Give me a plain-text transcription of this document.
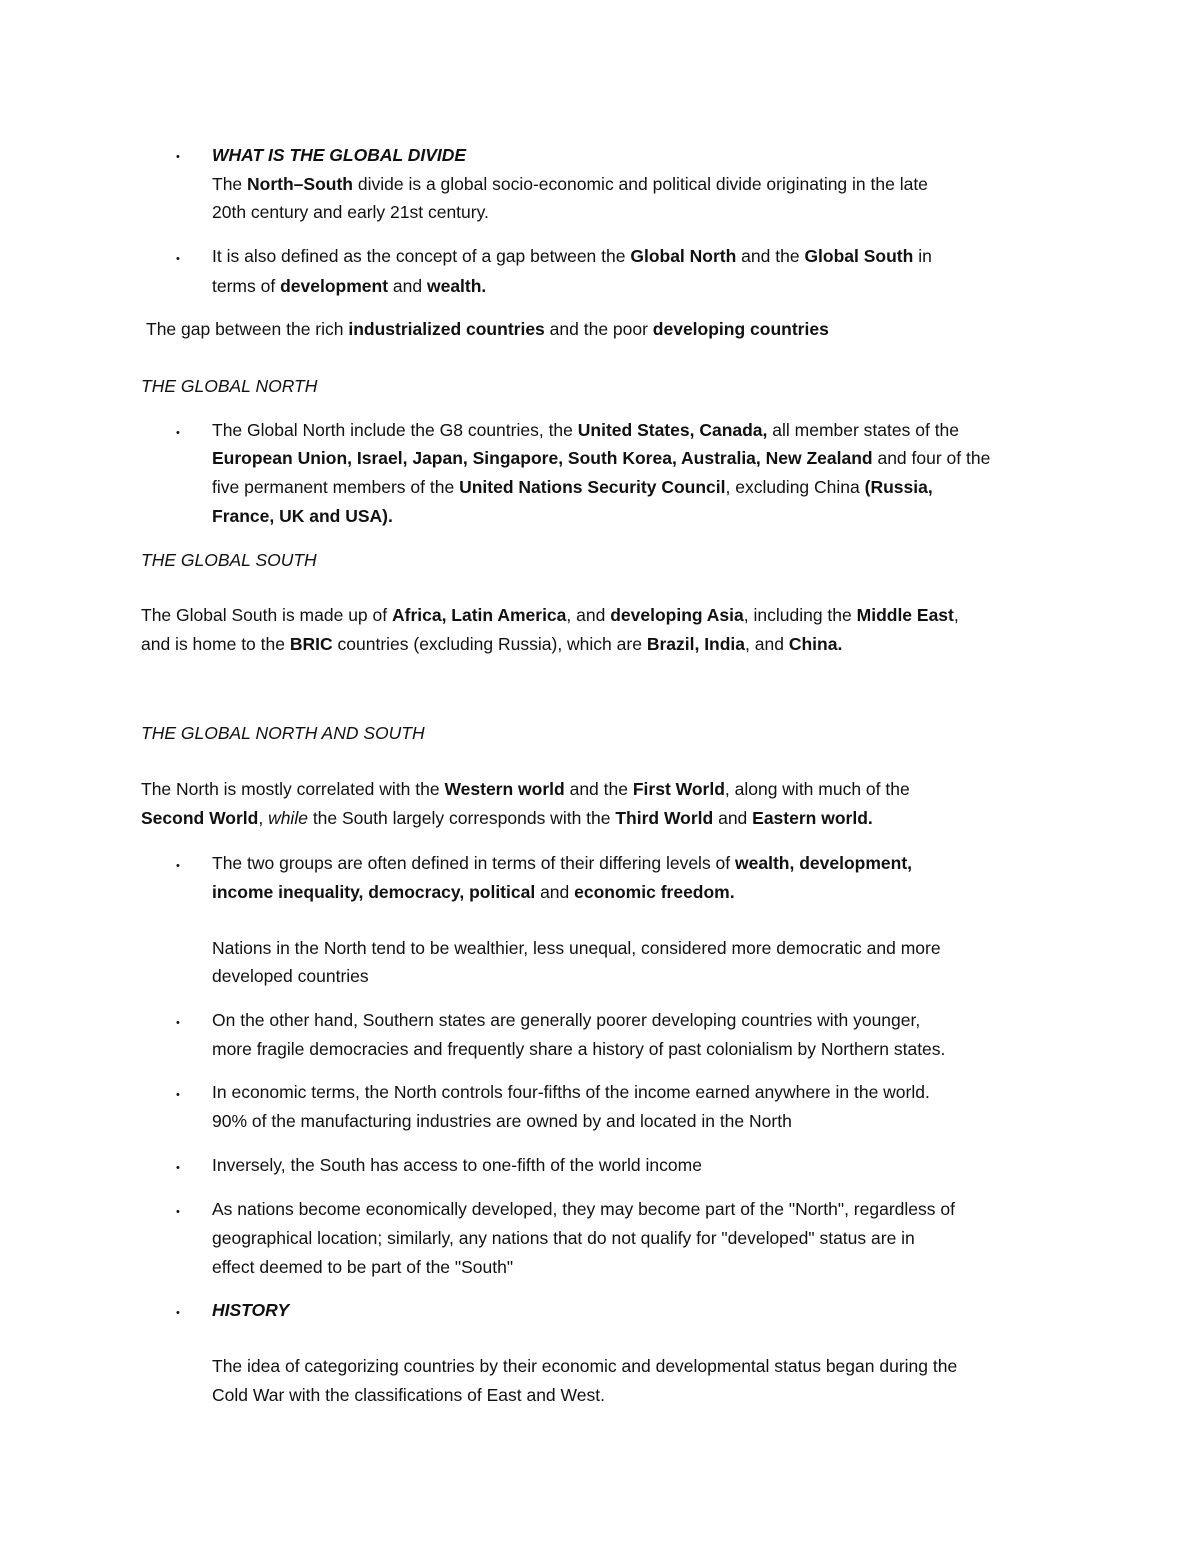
• WHAT IS THE GLOBAL DIVIDE
The North–South divide is a global socio-economic and political divide originating in the late
20th century and early 21st century.
• It is also defined as the concept of a gap between the Global North and the Global South in
terms of development and wealth.
The gap between the rich industrialized countries and the poor developing countries
THE GLOBAL NORTH
• The Global North include the G8 countries, the United States, Canada, all member states of the
European Union, Israel, Japan, Singapore, South Korea, Australia, New Zealand and four of the
five permanent members of the United Nations Security Council, excluding China (Russia,
France, UK and USA).
THE GLOBAL SOUTH
The Global South is made up of Africa, Latin America, and developing Asia, including the Middle East,
and is home to the BRIC countries (excluding Russia), which are Brazil, India, and China.
THE GLOBAL NORTH AND SOUTH
The North is mostly correlated with the Western world and the First World, along with much of the
Second World, while the South largely corresponds with the Third World and Eastern world.
• The two groups are often defined in terms of their differing levels of wealth, development,
income inequality, democracy, political and economic freedom.
Nations in the North tend to be wealthier, less unequal, considered more democratic and more
developed countries
• On the other hand, Southern states are generally poorer developing countries with younger,
more fragile democracies and frequently share a history of past colonialism by Northern states.
• In economic terms, the North controls four-fifths of the income earned anywhere in the world.
90% of the manufacturing industries are owned by and located in the North
• Inversely, the South has access to one-fifth of the world income
• As nations become economically developed, they may become part of the "North", regardless of
geographical location; similarly, any nations that do not qualify for "developed" status are in
effect deemed to be part of the "South"
• HISTORY
The idea of categorizing countries by their economic and developmental status began during the
Cold War with the classifications of East and West.
